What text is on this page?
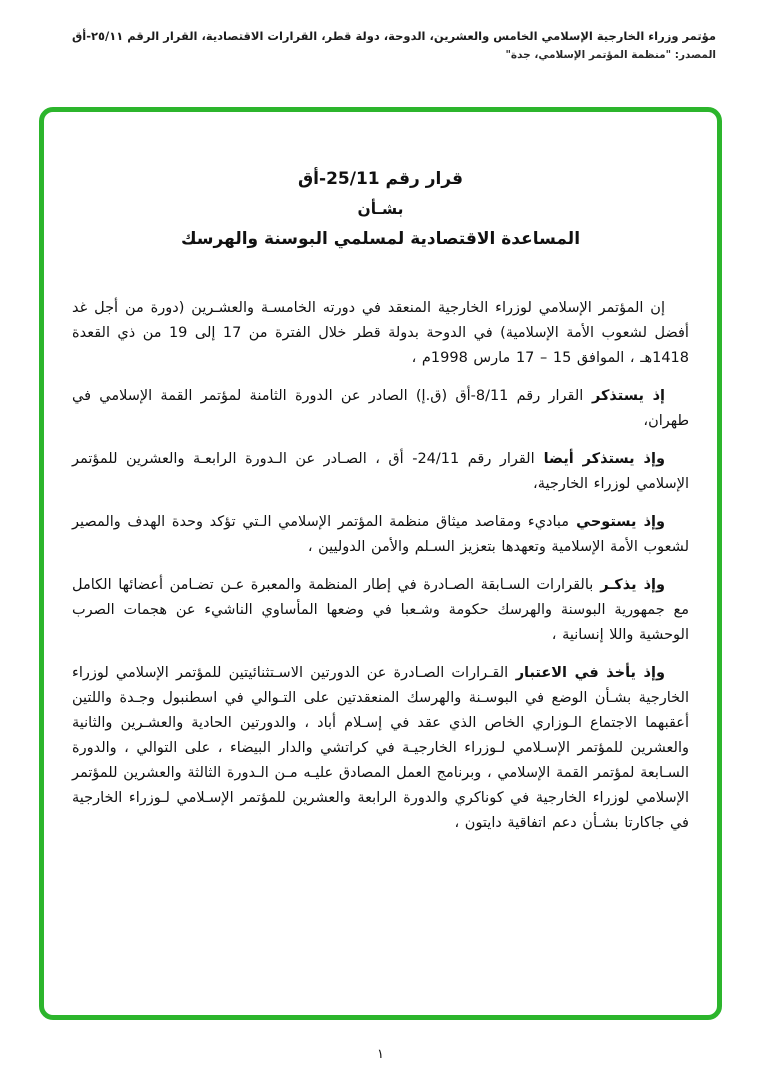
مؤتمر وزراء الخارجية الإسلامي الخامس والعشرين، الدوحة، دولة قطر، القرارات الاقتصادية، القرار الرقم ٢٥/١١-أق
المصدر: "منظمة المؤتمر الإسلامي، جدة"
قرار رقم 25/11-أق
بشـأن
المساعدة الاقتصادية لمسلمي البوسنة والهرسك

إن المؤتمر الإسلامي لوزراء الخارجية المنعقد في دورته الخامسـة والعشـرين (دورة من أجل غد أفضل لشعوب الأمة الإسلامية) في الدوحة بدولة قطر خلال الفترة من 17 إلى 19 من ذي القعدة 1418هـ ، الموافق 15 – 17 مارس 1998م ،

إذ يستذكر القرار رقم 8/11-أق (ق.إ) الصادر عن الدورة الثامنة لمؤتمر القمة الإسلامي في طهران،

وإذ يستذكر أيضا القرار رقم 24/11- أق ، الصـادر عن الـدورة الرابعـة والعشرين للمؤتمر الإسلامي لوزراء الخارجية،

وإذ يستوحي مباديء ومقاصد ميثاق منظمة المؤتمر الإسلامي الـتي تؤكد وحدة الهدف والمصير لشعوب الأمة الإسلامية وتعهدها بتعزيز السـلم والأمن الدوليين ،

وإذ يذكـر بالقرارات السـابقة الصـادرة في إطار المنظمة والمعبرة عـن تضـامن أعضائها الكامل مع جمهورية البوسنة والهرسك حكومة وشـعبا في وضعها المأساوي الناشيء عن هجمات الصرب الوحشية واللا إنسانية ،

وإذ يأخذ في الاعتبار القـرارات الصـادرة عن الدورتين الاسـتثنائيتين للمؤتمر الإسلامي لوزراء الخارجية بشـأن الوضع في البوسـنة والهرسك المنعقدتين على التـوالي في اسطنبول وجـدة واللتين أعقبهما الاجتماع الـوزاري الخاص الذي عقد في إسـلام أباد ، والدورتين الحادية والعشـرين والثانية والعشرين للمؤتمر الإسـلامي لـوزراء الخارجيـة في كراتشي والدار البيضاء ، على التوالي ، والدورة السـابعة لمؤتمر القمة الإسلامي ، وبرنامج العمل المصادق عليـه مـن الـدورة الثالثة والعشرين للمؤتمر الإسلامي لوزراء الخارجية في كوناكري والدورة الرابعة والعشرين للمؤتمر الإسـلامي لـوزراء الخارجية في جاكارتا بشـأن دعم اتفاقية دايتون ،

١
